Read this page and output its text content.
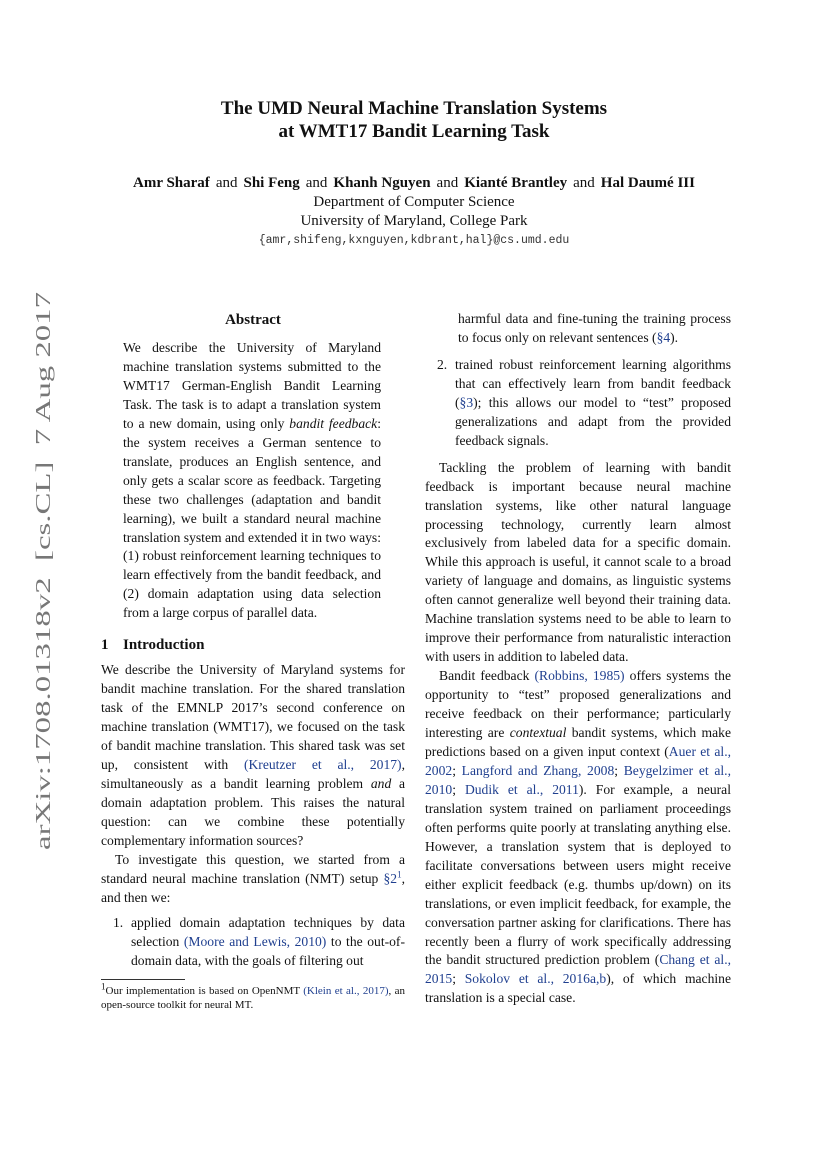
arXiv:1708.01318v2  [cs.CL]  7 Aug 2017
The UMD Neural Machine Translation Systems
at WMT17 Bandit Learning Task
Amr Sharaf and Shi Feng and Khanh Nguyen and Kianté Brantley and Hal Daumé III
Department of Computer Science
University of Maryland, College Park
{amr,shifeng,kxnguyen,kdbrant,hal}@cs.umd.edu
Abstract
We describe the University of Maryland machine translation systems submitted to the WMT17 German-English Bandit Learning Task. The task is to adapt a translation system to a new domain, using only bandit feedback: the system receives a German sentence to translate, produces an English sentence, and only gets a scalar score as feedback. Targeting these two challenges (adaptation and bandit learning), we built a standard neural machine translation system and extended it in two ways: (1) robust reinforcement learning techniques to learn effectively from the bandit feedback, and (2) domain adaptation using data selection from a large corpus of parallel data.
1 Introduction

We describe the University of Maryland systems for bandit machine translation. For the shared translation task of the EMNLP 2017’s second conference on machine translation (WMT17), we focused on the task of bandit machine translation. This shared task was set up, consistent with (Kreutzer et al., 2017), simultaneously as a bandit learning problem and a domain adaptation problem. This raises the natural question: can we combine these potentially complementary information sources?

To investigate this question, we started from a standard neural machine translation (NMT) setup §2$^1$, and then we:

1. applied domain adaptation techniques by data selection (Moore and Lewis, 2010) to the out-of-domain data, with the goals of filtering out
$^1$Our implementation is based on OpenNMT (Klein et al., 2017), an open-source toolkit for neural MT.
harmful data and fine-tuning the training process to focus only on relevant sentences (§4).
2. trained robust reinforcement learning algorithms that can effectively learn from bandit feedback (§3); this allows our model to “test” proposed generalizations and adapt from the provided feedback signals.

Tackling the problem of learning with bandit feedback is important because neural machine translation systems, like other natural language processing technology, currently learn almost exclusively from labeled data for a specific domain. While this approach is useful, it cannot scale to a broad variety of language and domains, as linguistic systems often cannot generalize well beyond their training data. Machine translation systems need to be able to learn to improve their performance from naturalistic interaction with users in addition to labeled data.

Bandit feedback (Robbins, 1985) offers systems the opportunity to “test” proposed generalizations and receive feedback on their performance; particularly interesting are contextual bandit systems, which make predictions based on a given input context (Auer et al., 2002; Langford and Zhang, 2008; Beygelzimer et al., 2010; Dudik et al., 2011). For example, a neural translation system trained on parliament proceedings often performs quite poorly at translating anything else. However, a translation system that is deployed to facilitate conversations between users might receive either explicit feedback (e.g. thumbs up/down) on its translations, or even implicit feedback, for example, the conversation partner asking for clarifications. There has recently been a flurry of work specifically addressing the bandit structured prediction problem (Chang et al., 2015; Sokolov et al., 2016a,b), of which machine translation is a special case.
